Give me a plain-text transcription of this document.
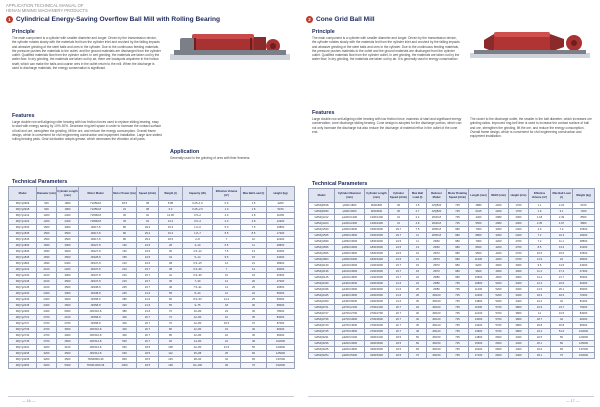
APPLICATION TECHNICAL MANUAL OF
HENAN MINING MACHINERY PRODUCTS
1 Cylindrical Energy-Saving Overflow Ball Mill with Rolling Bearing
Principle
The main component is a cylinder with smaller diameter and longer. Driven by the transmission device, the cylinder rotates slowly with the materials fed from the cylinder inlet and crushed by the falling impacts and abrasive grinding of the steel balls and ores in the cylinder. Due to the continuous feeding materials, the pressure pushes the materials to the outlet, and the ground materials are discharged from the cylinder outlet. Qualified materials flow from the cylinder outlet. In wet grinding, the materials are taken out by the water flow. In dry grinding, the materials are taken out by air, there are loadspots anywhere in the hollow shaft, which can make the balls and coarse ores in the outlet return to the mill. When the discharge is used to discharge materials, the energy conservation is significant.
Features
Large double row self-aligning roller bearing with low friction forces used to replace sliding bearing, easy to start with energy saving by 10%-30%. Decrease ring-bell space in order to increase the contact surface of ball and ore, strengthen the grinding, lift the ore, and reduce the energy consumption. Overall frame design, which is convenient for civil engineering construction and equipment installation. Large size slotted rolling bearing pads. Gear lubrication adopts grease, which decreases the vibration of all parts.
Application
Generally used in the grinding of ores with finer fineness.
Technical Parameters
Model	Diameter (mm)	Cylinder Length (mm)	Motor Model	Motor Power (kw)	Speed (r/min)	Weight (t)	Capacity (t/h)	Effective Volume (m³)	Max Ball Load (t)	Height (kg)
MQYg0909	900	1800	Y225M-8	18.5	38	5.85	0.25~1.6	0.9	1.5	4200
MQYg0918	900	1800	Y225M-8	22	38	6.3	0.25~2.5	1.0	1.8	5150
MQYg1212	1200	2400	Y250M-8	30	32	12.05	0.5~2	2.0	4.8	11050
MQYg1224	1200	2400	Y280M-8	45	32	13.2	0.5~3	2.3	4.8	12200
MQYg1530	1500	3000	JR117-8	80	29.2	15.2	1.6~6	5.0	7.5	16800
MQYg1535	1500	3500	JR117-8	80	29.2	16.2	1.8~7	5.5	8.5	17200
MQYg1545	1500	4500	JR117-8	80	29.2	18.6	2~8	7	10	22200
MQYg1830	1830	3000	JR127-8	130	24.5	28	4~10	6.5	11	28500
MQYg1836	1830	3600	JR127-8	130	24.5	30	4.5~12	7.5	13	32000
MQYg1845	1830	4500	JR128-8	155	24.5	34	5~14	9.5	15	34000
MQYg1864	1830	6400	JR137-8	210	24.5	38	6.5~15	14	21	38600
MQYg2122	2100	2200	JR137-8	210	23.7	38	6.5~36	7	14	39000
MQYg2130	2100	3000	JR137-8	210	23.7	42	6.5~36	10	19	45300
MQYg2136	2100	3600	JR137-8	210	23.7	45	7~30	12	20	47000
MQYg2145	2100	4500	JR138-8	245	23.7	48	7.5~31	14	25	49500
MQYg2430	2400	3000	JR138-8	245	21.6	55	8~40	12	22	56000
MQYg2436	2400	3600	JR158-8	280	21.6	60	8.5~60	14.2	25	59000
MQYg2445	2400	4500	JR158-8	320	21.6	65	9~75	18	30	68000
MQYg2460	2400	6000	JR1510-8	380	21.6	70	10~80	23	36	78000
MQYg2721	2700	2100	JR158-8	400	20.7	72	12~80	16	35	83000
MQYg2727	2700	2700	JR158-8	400	20.7	76	12~80	16.5	37	87000
MQYg2736	2700	3600	JR1510-8	400	20.7	80	12~80	19	40	90000
MQYg2740	2700	4000	JR1510-8	400	20.7	85	12~80	22	45	96000
MQYg2745	2700	4500	JR1512-8	500	20.7	92	14~80	24	48	102000
MQYg3231	3200	3100	JR1512-8	630	18.5	108	22~80	21.5	56	120000
MQYg3236	3200	3600	JR1512-8	630	18.5	112	25~85	25	60	125000
MQYg3245	3200	4500	TDMK800-36	800	18.5	125	28~90	32	65	137000
MQYg3254	3200	5400	TDMK1000-36	1000	18.5	138	32~100	39	76	152000
— 16 —
2 Cone Grid Ball Mill
Principle
The main component is a cylinder with smaller diameter and longer. Driven by the transmission device, the cylinder rotates slowly with the materials fed from the cylinder inlet and crushed by the falling impacts and abrasive grinding of the steel balls and ores in the cylinder. Due to the continuous feeding materials, the pressure pushes materials to the outlet and the ground materials are discharged from the cylinder outlet. Qualified materials flow from the cylinder outlet. In wet grinding, the materials are taken out by the water flow; in dry grinding, the materials are taken out by air. It is generally used in energy conservation.
Features
Large double row self-aligning roller bearing with low friction force, easiness of start and significant energy conservation; cone discharge sliding bearing. Cone design is adopted for the discharge portion, which can not only increase the discharge but also reduce the discharge of material reflux in the outlet of the cone end.
The closer to the discharge outlet, the smaller is the ball diameter, which increases ore grinding ratios. Improved ring-bell liner is used to increase the contact surface of ball and ore, strengthen the grinding, lift the ore, and reduce the energy consumption. Overall frame design, which is convenient for civil engineering construction and equipment installation.
Technical Parameters
Model	Cylinder Diameter (mm)	Cylinder Length (mm)	Cylinder Speed (r/min)	Max Ball Load (t)	Reducer Model	Motor Rotating Speed (r/min)	Length (mm)	Width (mm)	Height (mm)	Effective Volume (m³)	Max Ball Load (t)	Weight (kg)
GZMQ0918	φ900×1800	900/1800	36	1.5	JZQ500	725	4880	2200	1700	1.1	2.24	6070
GZMQ0930	φ900×3000	900/3000	36	2.7	JZQ500	725	6015	2200	1700	1.9	3.1	7200
GZMQ1212	φ1200×1200	1200/1200	31	2.4	ZD40-8	735	4400	2980	2000	1.18	2.49	8500
GZMQ1224	φ1200×2400	1200/2400	31	4.8	ZD40-8	735	5500	2980	2000	2.35	4.97	9800
GZMQ1530	φ1500×3000	1500/3000	29.7	7.5	ZD50-8	980	7000	3300	2400	4.9	7.2	15600
GZMQ1545	φ1500×4500	1500/4500	29.7	11	ZD50-8	980	8800	3300	2400	7.2	10.3	18200
GZMQ1830	φ1830×3000	1830/3000	24.5	11	ZD60	980	7900	4200	2700	7.2	11.1	28500
GZMQ1836	φ1830×3600	1830/3600	24.5	13	ZD60	980	8600	4200	2700	8.5	13.2	31000
GZMQ1845	φ1830×4500	1830/4500	24.5	16	ZD70	980	9500	4200	2700	10.5	15.6	34500
GZMQ1864	φ1830×6400	1830/6400	24.5	21	ZD70	980	11400	4200	2700	14.9	22	38000
GZMQ2130	φ2100×3000	2100/3000	23.7	15	ZD70	980	9200	4600	3000	9.5	14.5	44000
GZMQ2136	φ2100×3600	2100/3600	23.7	18	ZD70	980	9600	4600	3000	11.4	17.4	47300
GZMQ2145	φ2100×4500	2100/4500	23.7	22	ZD80	980	10500	4600	3000	14.2	21.7	50000
GZMQ2430	φ2400×3000	2400/3000	21.6	22	ZD80	735	10800	5200	3400	12.2	22.6	62000
GZMQ2436	φ2400×3600	2400/3600	21.6	25	ZD80	735	11400	5200	3400	14.6	26.1	66000
GZMQ2445	φ2400×4500	2400/4500	21.6	30	ZD100	735	12300	5200	3400	18.3	32.6	72000
GZMQ2460	φ2400×6000	2400/6000	21.6	36	ZD100	735	13800	5200	3400	24.4	42	81000
GZMQ2721	φ2700×2100	2700/2100	20.7	26	ZD100	735	11500	5700	3800	10.9	24.7	79000
GZMQ2727	φ2700×2700	2700/2700	20.7	30	ZD100	735	12100	5700	3800	14	31.5	84000
GZMQ2736	φ2700×3600	2700/3600	20.7	40	ZD120	735	13000	5700	3800	18.7	42	92000
GZMQ2740	φ2700×4000	2700/4000	20.7	45	ZD120	735	13400	5700	3800	20.8	46.8	96000
GZMQ2745	φ2700×4500	2700/4500	20.7	48	ZD120	735	13900	5700	3800	23.4	51.6	102000
GZMQ3231	φ3200×3100	3200/3100	18.5	56	ZD150	735	14800	6600	4400	22.5	56	120000
GZMQ3236	φ3200×3600	3200/3600	18.5	60	ZD150	735	15300	6600	4400	26.1	60	125000
GZMQ3245	φ3200×4500	3200/4500	18.5	65	ZD150	735	16200	6600	4400	32.6	65	137000
GZMQ3254	φ3200×5400	3200/5400	18.5	76	ZD150	735	17100	6600	4400	39.1	76	152000
— 17 —
